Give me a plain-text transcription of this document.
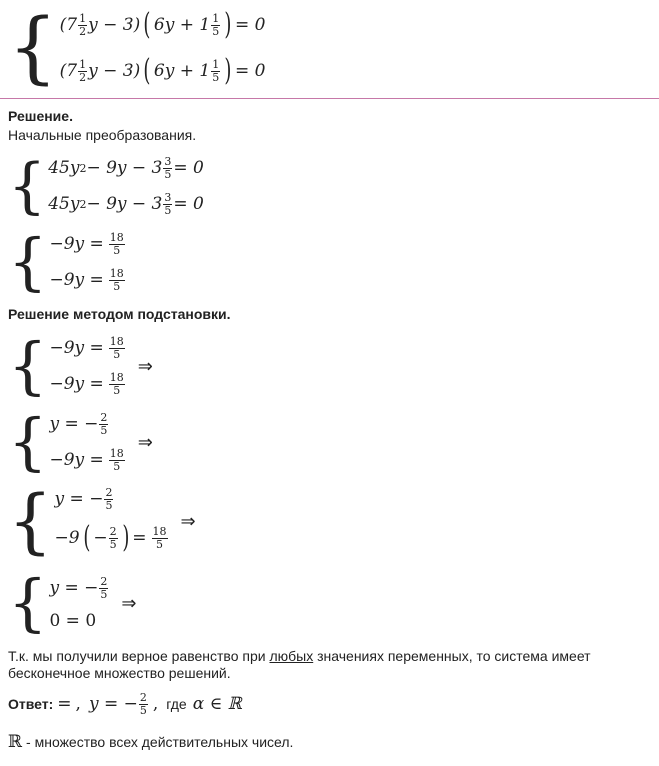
{ ($7 \frac{1}{2}$ y − 3) ( $6y + 1 \frac{1}{5}$ ) = 0
($7 \frac{1}{2}$ y − 3) ( $6y + 1 \frac{1}{5}$ ) = 0
Решение.
Начальные преобразования.
{ 45y $2 - 9y - 3 \frac{3}{5} = 0$
45y $2 - 9y - 3 \frac{3}{5} = 0$
{ $-9y = \frac{18}{5}$
$-9y = \frac{18}{5}$
Решение методом подстановки.
{ $-9y = \frac{18}{5}$
$-9y = \frac{18}{5}$
⇒
{ y = − $\frac{2}{5}$
$-9y = \frac{18}{5}$
⇒
{ y = − $\frac{2}{5}$
−9 ( − $\frac{2}{5}$ ) = $\frac{18}{5}$
⇒
{ y = − $\frac{2}{5}$
0 = 0
⇒
Т.к. мы получили верное равенство при любых значениях переменных, то система имеет
бесконечное множество решений.
Ответ: = , y = − $\frac{2}{5}$ , где α ∈ ℝ
ℝ - множество всех действительных чисел.
